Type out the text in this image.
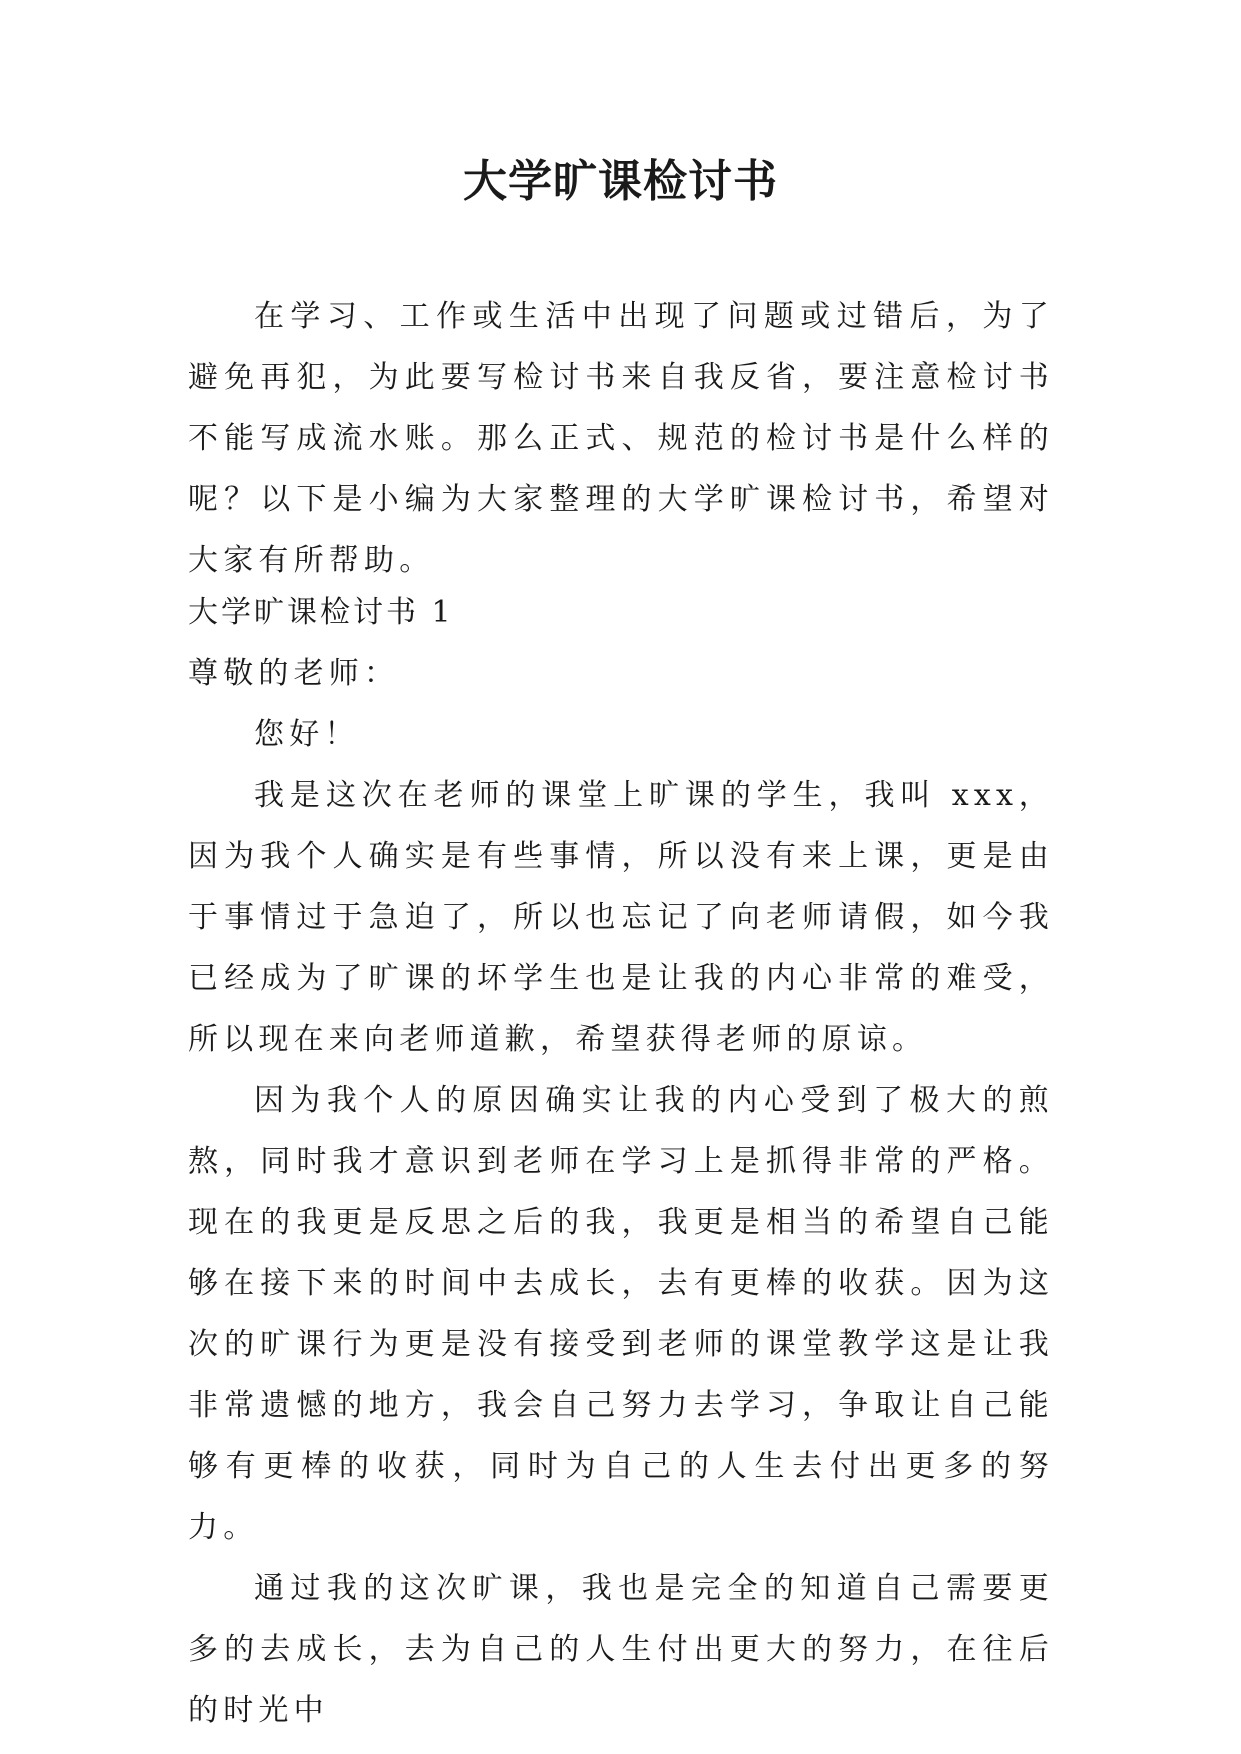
大学旷课检讨书

在学习、工作或生活中出现了问题或过错后，为了避免再犯，为此要写检讨书来自我反省，要注意检讨书不能写成流水账。那么正式、规范的检讨书是什么样的呢？以下是小编为大家整理的大学旷课检讨书，希望对大家有所帮助。

大学旷课检讨书 1

尊敬的老师：

您好！

我是这次在老师的课堂上旷课的学生，我叫 xxx，因为我个人确实是有些事情，所以没有来上课，更是由于事情过于急迫了，所以也忘记了向老师请假，如今我已经成为了旷课的坏学生也是让我的内心非常的难受，所以现在来向老师道歉，希望获得老师的原谅。

因为我个人的原因确实让我的内心受到了极大的煎熬，同时我才意识到老师在学习上是抓得非常的严格。现在的我更是反思之后的我，我更是相当的希望自己能够在接下来的时间中去成长，去有更棒的收获。因为这次的旷课行为更是没有接受到老师的课堂教学这是让我非常遗憾的地方，我会自己努力去学习，争取让自己能够有更棒的收获，同时为自己的人生去付出更多的努力。

通过我的这次旷课，我也是完全的知道自己需要更多的去成长，去为自己的人生付出更大的努力，在往后的时光中
